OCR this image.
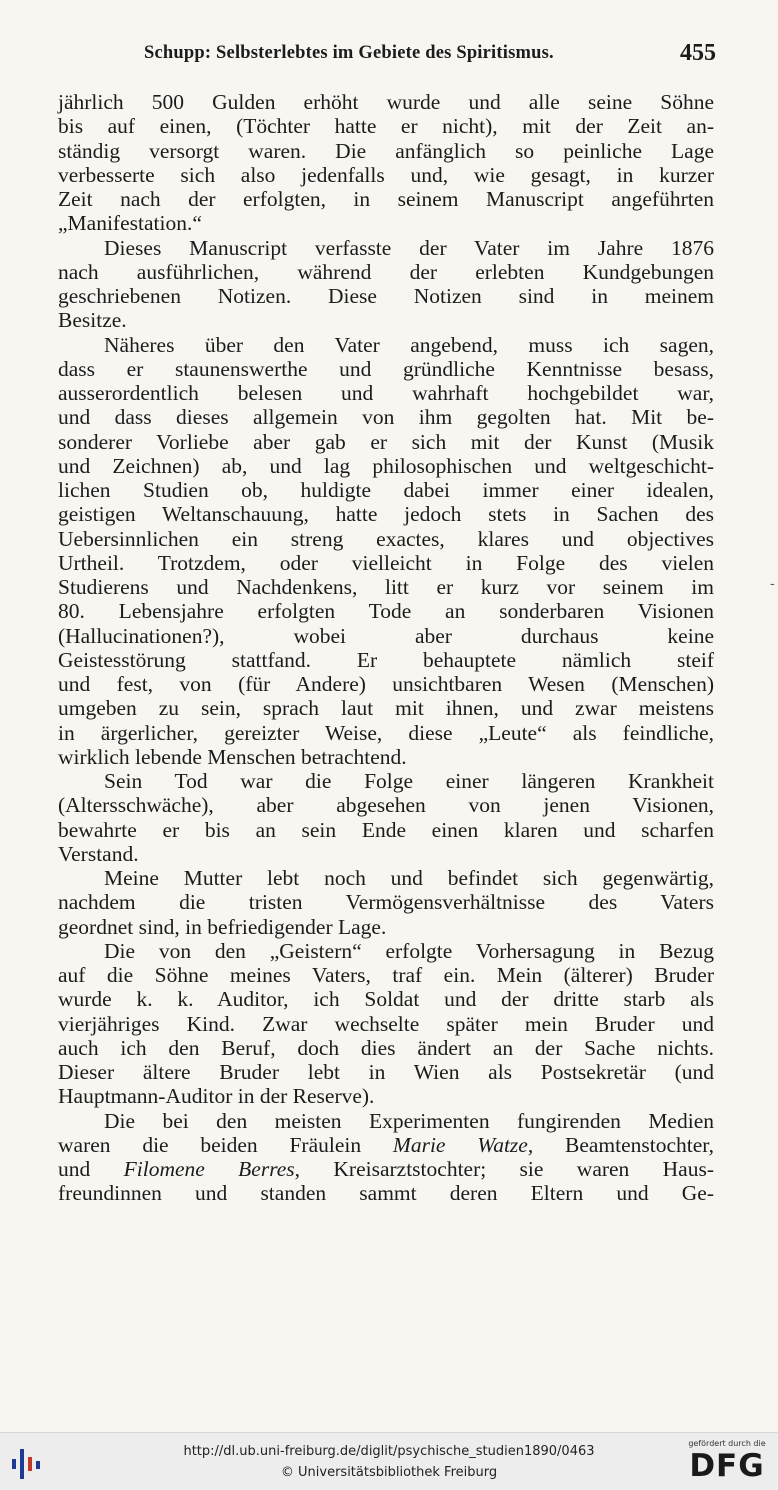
Schupp: Selbsterlebtes im Gebiete des Spiritismus.	455
jährlich 500 Gulden erhöht wurde und alle seine Söhne
bis auf einen, (Töchter hatte er nicht), mit der Zeit an-
ständig versorgt waren. Die anfänglich so peinliche Lage
verbesserte sich also jedenfalls und, wie gesagt, in kurzer
Zeit nach der erfolgten, in seinem Manuscript angeführten
„Manifestation.“
Dieses Manuscript verfasste der Vater im Jahre 1876
nach ausführlichen, während der erlebten Kundgebungen
geschriebenen Notizen. Diese Notizen sind in meinem
Besitze.
Näheres über den Vater angebend, muss ich sagen,
dass er staunenswerthe und gründliche Kenntnisse besass,
ausserordentlich belesen und wahrhaft hochgebildet war,
und dass dieses allgemein von ihm gegolten hat. Mit be-
sonderer Vorliebe aber gab er sich mit der Kunst (Musik
und Zeichnen) ab, und lag philosophischen und weltgeschicht-
lichen Studien ob, huldigte dabei immer einer idealen,
geistigen Weltanschauung, hatte jedoch stets in Sachen des
Uebersinnlichen ein streng exactes, klares und objectives
Urtheil. Trotzdem, oder vielleicht in Folge des vielen
Studierens und Nachdenkens, litt er kurz vor seinem im
80. Lebensjahre erfolgten Tode an sonderbaren Visionen
(Hallucinationen?), wobei aber durchaus keine
Geistesstörung stattfand. Er behauptete nämlich steif
und fest, von (für Andere) unsichtbaren Wesen (Menschen)
umgeben zu sein, sprach laut mit ihnen, und zwar meistens
in ärgerlicher, gereizter Weise, diese „Leute“ als feindliche,
wirklich lebende Menschen betrachtend.
Sein Tod war die Folge einer längeren Krankheit
(Altersschwäche), aber abgesehen von jenen Visionen,
bewahrte er bis an sein Ende einen klaren und scharfen
Verstand.
Meine Mutter lebt noch und befindet sich gegenwärtig,
nachdem die tristen Vermögensverhältnisse des Vaters
geordnet sind, in befriedigender Lage.
Die von den „Geistern“ erfolgte Vorhersagung in Bezug
auf die Söhne meines Vaters, traf ein. Mein (älterer) Bruder
wurde k. k. Auditor, ich Soldat und der dritte starb als
vierjähriges Kind. Zwar wechselte später mein Bruder und
auch ich den Beruf, doch dies ändert an der Sache nichts.
Dieser ältere Bruder lebt in Wien als Postsekretär (und
Hauptmann-Auditor in der Reserve).
Die bei den meisten Experimenten fungirenden Medien
waren die beiden Fräulein Marie Watze, Beamtenstochter,
und Filomene Berres, Kreisarztstochter; sie waren Haus-
freundinnen und standen sammt deren Eltern und Ge-
-
http://dl.ub.uni-freiburg.de/diglit/psychische_studien1890/0463
© Universitätsbibliothek Freiburg
gefördert durch die
DFG
